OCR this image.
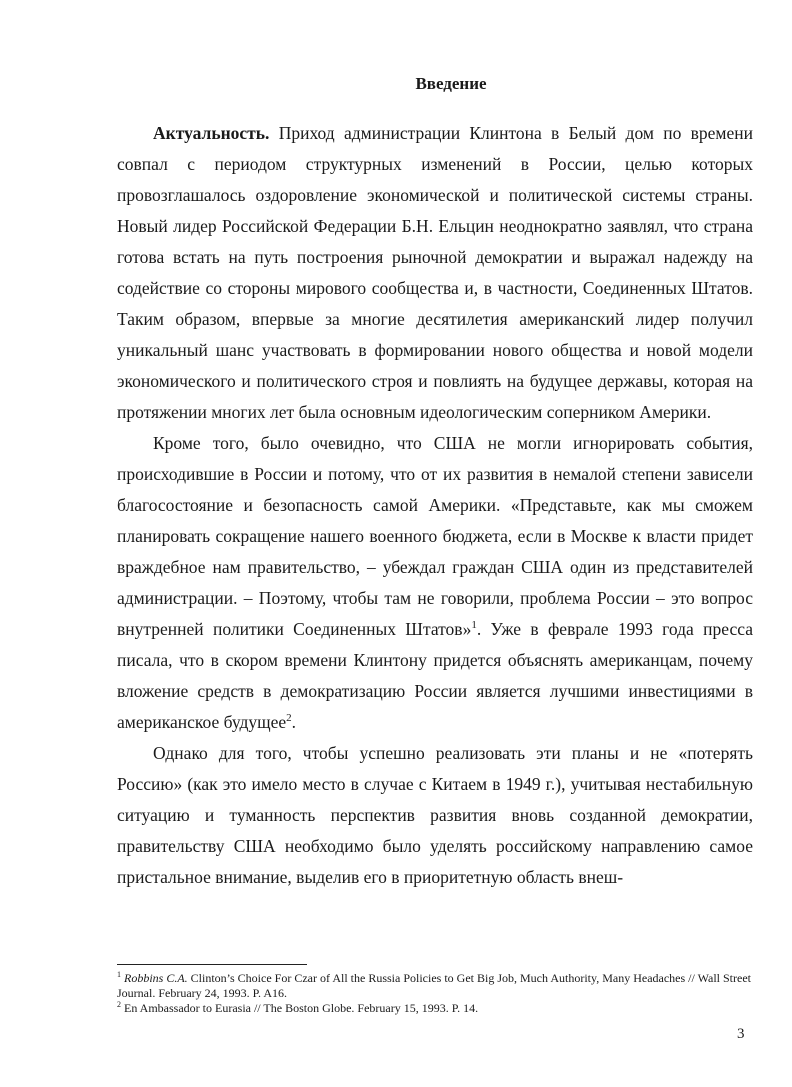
Введение

Актуальность. Приход администрации Клинтона в Белый дом по времени совпал с периодом структурных изменений в России, целью которых провозглашалось оздоровление экономической и политической системы страны. Новый лидер Российской Федерации Б.Н. Ельцин неоднократно заявлял, что страна готова встать на путь построения рыночной демократии и выражал надежду на содействие со стороны мирового сообщества и, в частности, Соединенных Штатов. Таким образом, впервые за многие десятилетия американский лидер получил уникальный шанс участвовать в формировании нового общества и новой модели экономического и политического строя и повлиять на будущее державы, которая на протяжении многих лет была основным идеологическим соперником Америки.

Кроме того, было очевидно, что США не могли игнорировать события, происходившие в России и потому, что от их развития в немалой степени зависели благосостояние и безопасность самой Америки. «Представьте, как мы сможем планировать сокращение нашего военного бюджета, если в Москве к власти придет враждебное нам правительство, – убеждал граждан США один из представителей администрации. – Поэтому, чтобы там не говорили, проблема России – это вопрос внутренней политики Соединенных Штатов»$^1$. Уже в феврале 1993 года пресса писала, что в скором времени Клинтону придется объяснять американцам, почему вложение средств в демократизацию России является лучшими инвестициями в американское будущее$^2$.

Однако для того, чтобы успешно реализовать эти планы и не «потерять Россию» (как это имело место в случае с Китаем в 1949 г.), учитывая нестабильную ситуацию и туманность перспектив развития вновь созданной демократии, правительству США необходимо было уделять российскому направлению самое пристальное внимание, выделив его в приоритетную область внеш-

$^1$ Robbins C.A. Clinton’s Choice For Czar of All the Russia Policies to Get Big Job, Much Authority, Many Headaches // Wall Street Journal. February 24, 1993. P. A16.

$^2$ En Ambassador to Eurasia // The Boston Globe. February 15, 1993. P. 14.

3
